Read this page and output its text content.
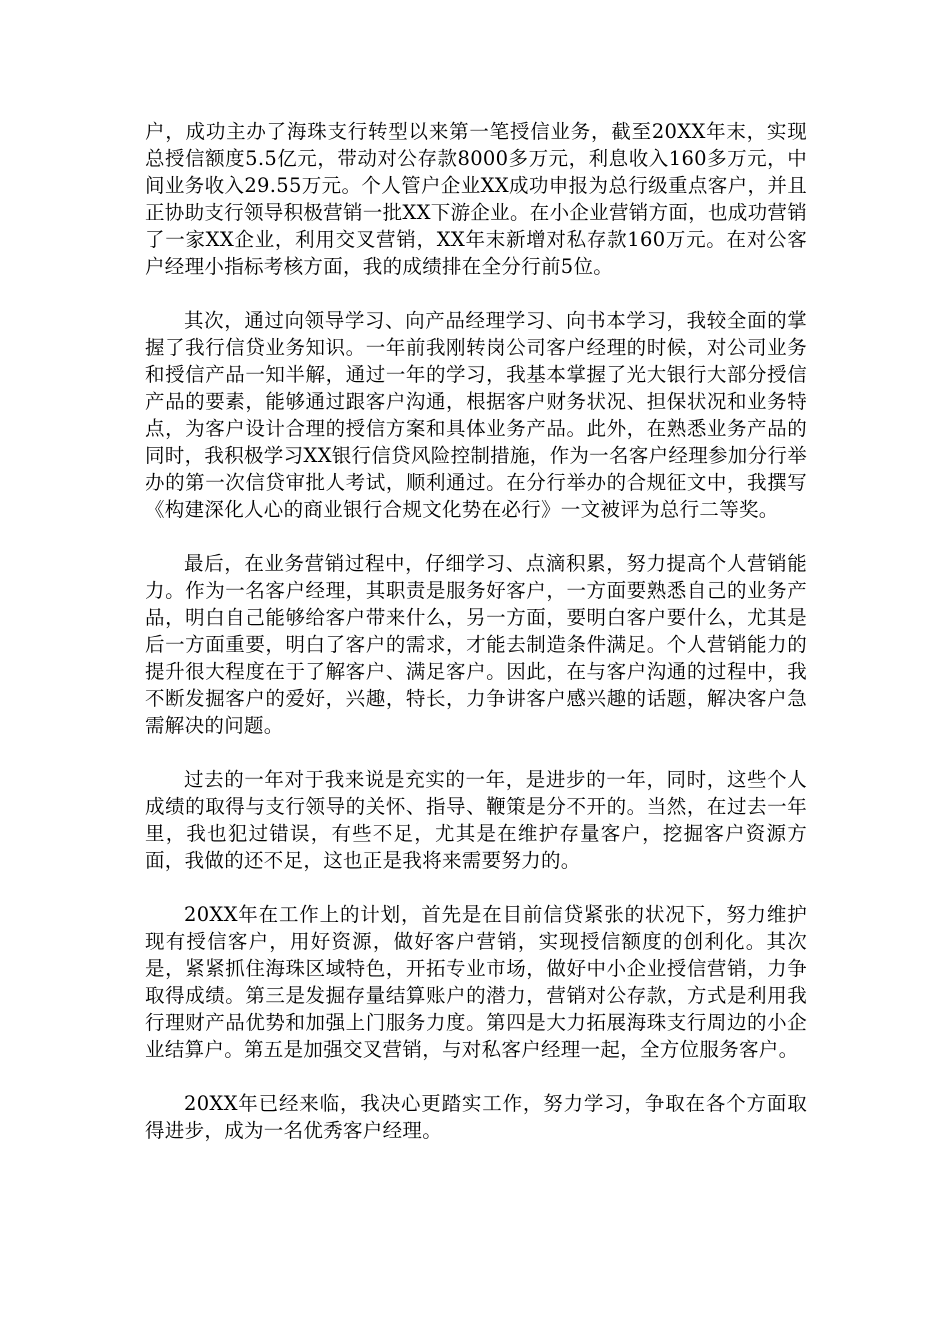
户，成功主办了海珠支行转型以来第一笔授信业务，截至20XX年末，实现总授信额度5.5亿元，带动对公存款8000多万元，利息收入160多万元，中间业务收入29.55万元。个人管户企业XX成功申报为总行级重点客户，并且正协助支行领导积极营销一批XX下游企业。在小企业营销方面，也成功营销了一家XX企业，利用交叉营销，XX年末新增对私存款160万元。在对公客户经理小指标考核方面，我的成绩排在全分行前5位。

其次，通过向领导学习、向产品经理学习、向书本学习，我较全面的掌握了我行信贷业务知识。一年前我刚转岗公司客户经理的时候，对公司业务和授信产品一知半解，通过一年的学习，我基本掌握了光大银行大部分授信产品的要素，能够通过跟客户沟通，根据客户财务状况、担保状况和业务特点，为客户设计合理的授信方案和具体业务产品。此外，在熟悉业务产品的同时，我积极学习XX银行信贷风险控制措施，作为一名客户经理参加分行举办的第一次信贷审批人考试，顺利通过。在分行举办的合规征文中，我撰写《构建深化人心的商业银行合规文化势在必行》一文被评为总行二等奖。

最后，在业务营销过程中，仔细学习、点滴积累，努力提高个人营销能力。作为一名客户经理，其职责是服务好客户，一方面要熟悉自己的业务产品，明白自己能够给客户带来什么，另一方面，要明白客户要什么，尤其是后一方面重要，明白了客户的需求，才能去制造条件满足。个人营销能力的提升很大程度在于了解客户、满足客户。因此，在与客户沟通的过程中，我不断发掘客户的爱好，兴趣，特长，力争讲客户感兴趣的话题，解决客户急需解决的问题。

过去的一年对于我来说是充实的一年，是进步的一年，同时，这些个人成绩的取得与支行领导的关怀、指导、鞭策是分不开的。当然，在过去一年里，我也犯过错误，有些不足，尤其是在维护存量客户，挖掘客户资源方面，我做的还不足，这也正是我将来需要努力的。

20XX年在工作上的计划，首先是在目前信贷紧张的状况下，努力维护现有授信客户，用好资源，做好客户营销，实现授信额度的创利化。其次是，紧紧抓住海珠区域特色，开拓专业市场，做好中小企业授信营销，力争取得成绩。第三是发掘存量结算账户的潜力，营销对公存款，方式是利用我行理财产品优势和加强上门服务力度。第四是大力拓展海珠支行周边的小企业结算户。第五是加强交叉营销，与对私客户经理一起，全方位服务客户。

20XX年已经来临，我决心更踏实工作，努力学习，争取在各个方面取得进步，成为一名优秀客户经理。
